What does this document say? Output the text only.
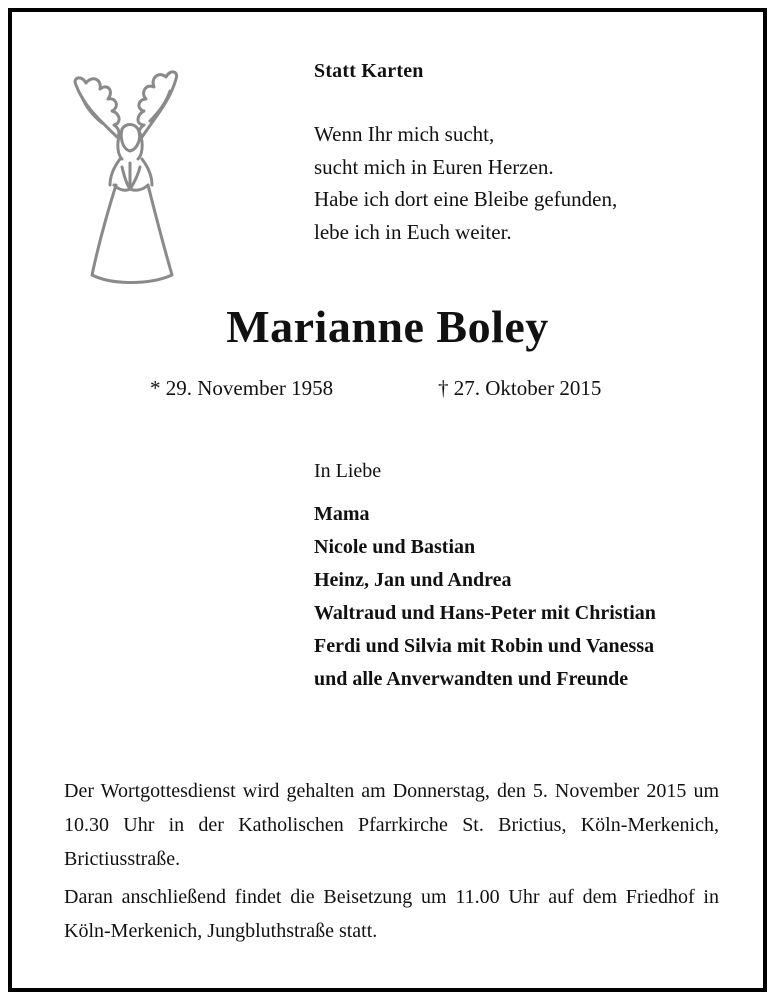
Statt Karten
Wenn Ihr mich sucht,
sucht mich in Euren Herzen.
Habe ich dort eine Bleibe gefunden,
lebe ich in Euch weiter.
Marianne Boley
* 29. November 1958	† 27. Oktober 2015
In Liebe
Mama
Nicole und Bastian
Heinz, Jan und Andrea
Waltraud und Hans-Peter mit Christian
Ferdi und Silvia mit Robin und Vanessa
und alle Anverwandten und Freunde
Der Wortgottesdienst wird gehalten am Donnerstag, den 5. November 2015 um 10.30 Uhr in der Katholischen Pfarrkirche St. Brictius, Köln-Merkenich, Brictiusstraße.
Daran anschließend findet die Beisetzung um 11.00 Uhr auf dem Friedhof in Köln-Merkenich, Jungbluthstraße statt.
